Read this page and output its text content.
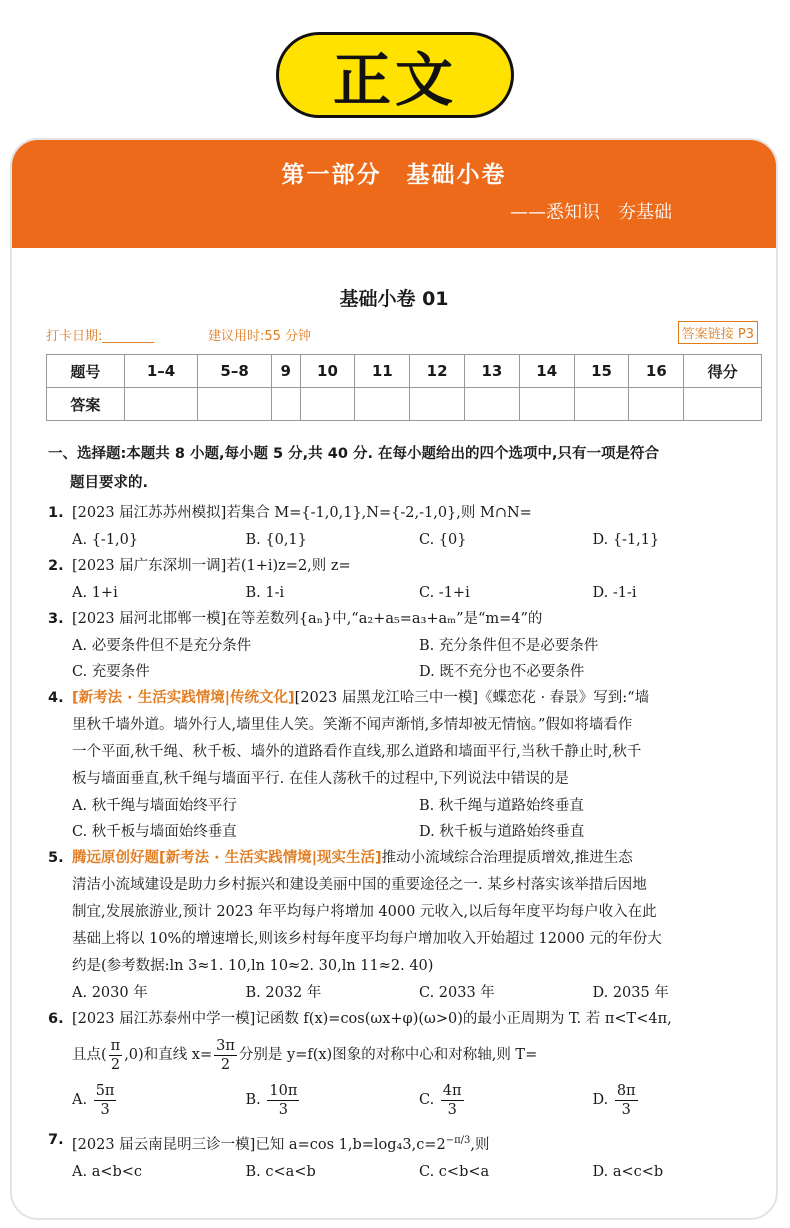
正文
第一部分　基础小卷
——悉知识　夯基础
基础小卷 01
打卡日期:________	建议用时:55 分钟	答案链接 P3
题号	1–4	5–8	9	10	11	12	13	14	15	16	得分
答案											
一、选择题:本题共 8 小题,每小题 5 分,共 40 分. 在每小题给出的四个选项中,只有一项是符合
题目要求的.
1. [2023 届江苏苏州模拟]若集合 M={-1,0,1},N={-2,-1,0},则 M∩N=
A. {-1,0}	B. {0,1}	C. {0}	D. {-1,1}
2. [2023 届广东深圳一调]若(1+i)z=2,则 z=
A. 1+i	B. 1-i	C. -1+i	D. -1-i
3. [2023 届河北邯郸一模]在等差数列{aₙ}中,“a₂+a₅=a₃+aₘ”是“m=4”的
A. 必要条件但不是充分条件	B. 充分条件但不是必要条件
C. 充要条件	D. 既不充分也不必要条件
4. [新考法 · 生活实践情境|传统文化][2023 届黑龙江哈三中一模]《蝶恋花 · 春景》写到:“墙
里秋千墙外道。墙外行人,墙里佳人笑。笑渐不闻声渐悄,多情却被无情恼。”假如将墙看作
一个平面,秋千绳、秋千板、墙外的道路看作直线,那么道路和墙面平行,当秋千静止时,秋千
板与墙面垂直,秋千绳与墙面平行. 在佳人荡秋千的过程中,下列说法中错误的是
A. 秋千绳与墙面始终平行	B. 秋千绳与道路始终垂直
C. 秋千板与墙面始终垂直	D. 秋千板与道路始终垂直
5. 腾远原创好题[新考法 · 生活实践情境|现实生活]推动小流域综合治理提质增效,推进生态
清洁小流域建设是助力乡村振兴和建设美丽中国的重要途径之一. 某乡村落实该举措后因地
制宜,发展旅游业,预计 2023 年平均每户将增加 4000 元收入,以后每年度平均每户收入在此
基础上将以 10%的增速增长,则该乡村每年度平均每户增加收入开始超过 12000 元的年份大
约是(参考数据:ln 3≈1. 10,ln 10≈2. 30,ln 11≈2. 40)
A. 2030 年	B. 2032 年	C. 2033 年	D. 2035 年
6. [2023 届江苏泰州中学一模]记函数 f(x)=cos(ωx+φ)(ω>0)的最小正周期为 T. 若 π<T<4π,
且点( $\frac{\pi}{2} ,0$)和直线 $x= \frac{3\pi}{2}$ 分别是 y=f(x)图象的对称中心和对称轴,则 T=
A. $\frac{5\pi}{3}$	B. $\frac{10\pi}{3}$	C. $\frac{4\pi}{3}$	D. $\frac{8\pi}{3}$
7. [2023 届云南昆明三诊一模]已知 a=cos $1,b=\log_43,c=2^{-\pi/3}$,则
A. a<b<c	B. c<a<b	C. c<b<a	D. a<c<b
